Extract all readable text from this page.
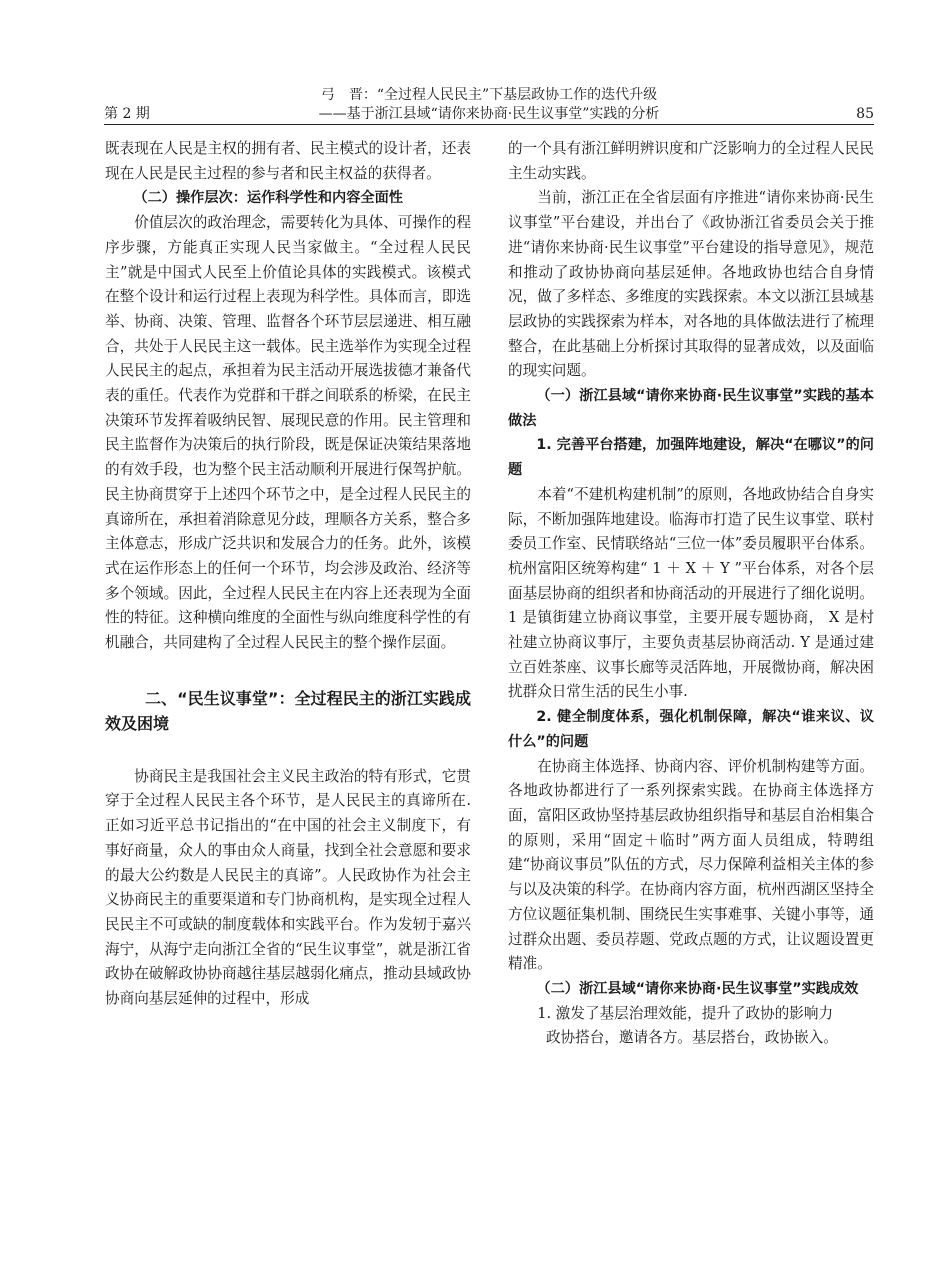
弓　晋：“全过程人民民主”下基层政协工作的迭代升级
第 2 期	——基于浙江县域“请你来协商·民生议事堂”实践的分析	85

既表现在人民是主权的拥有者、民主模式的设计者，还表现在人民是民主过程的参与者和民主权益的获得者。

（二）操作层次：运作科学性和内容全面性

价值层次的政治理念，需要转化为具体、可操作的程序步骤，方能真正实现人民当家做主。“全过程人民民主”就是中国式人民至上价值论具体的实践模式。该模式在整个设计和运行过程上表现为科学性。具体而言，即选举、协商、决策、管理、监督各个环节层层递进、相互融合，共处于人民民主这一载体。民主选举作为实现全过程人民民主的起点，承担着为民主活动开展选拔德才兼备代表的重任。代表作为党群和干群之间联系的桥梁，在民主决策环节发挥着吸纳民智、展现民意的作用。民主管理和民主监督作为决策后的执行阶段，既是保证决策结果落地的有效手段，也为整个民主活动顺利开展进行保驾护航。民主协商贯穿于上述四个环节之中，是全过程人民民主的真谛所在，承担着消除意见分歧，理顺各方关系，整合多主体意志，形成广泛共识和发展合力的任务。此外，该模式在运作形态上的任何一个环节，均会涉及政治、经济等多个领域。因此，全过程人民民主在内容上还表现为全面性的特征。这种横向维度的全面性与纵向维度科学性的有机融合，共同建构了全过程人民民主的整个操作层面。

二、“民生议事堂”：全过程民主的浙江实践成效及困境

协商民主是我国社会主义民主政治的特有形式，它贯穿于全过程人民民主各个环节，是人民民主的真谛所在. 正如习近平总书记指出的“在中国的社会主义制度下，有事好商量，众人的事由众人商量，找到全社会意愿和要求的最大公约数是人民民主的真谛”。人民政协作为社会主义协商民主的重要渠道和专门协商机构，是实现全过程人民民主不可或缺的制度载体和实践平台。作为发轫于嘉兴海宁，从海宁走向浙江全省的“民生议事堂”，就是浙江省政协在破解政协协商越往基层越弱化痛点，推动县域政协协商向基层延伸的过程中，形成

的一个具有浙江鲜明辨识度和广泛影响力的全过程人民民主生动实践。

当前，浙江正在全省层面有序推进“请你来协商·民生议事堂”平台建设，并出台了《政协浙江省委员会关于推进“请你来协商·民生议事堂”平台建设的指导意见》，规范和推动了政协协商向基层延伸。各地政协也结合自身情况，做了多样态、多维度的实践探索。本文以浙江县域基层政协的实践探索为样本，对各地的具体做法进行了梳理整合，在此基础上分析探讨其取得的显著成效，以及面临的现实问题。

（一）浙江县域“请你来协商·民生议事堂”实践的基本做法

1. 完善平台搭建，加强阵地建设，解决“在哪议”的问题

本着“不建机构建机制”的原则，各地政协结合自身实际，不断加强阵地建设。临海市打造了民生议事堂、联村委员工作室、民情联络站“三位一体”委员履职平台体系。杭州富阳区统筹构建“ 1 ＋ X ＋ Y ”平台体系，对各个层面基层协商的组织者和协商活动的开展进行了细化说明。 1 是镇街建立协商议事堂，主要开展专题协商， X 是村社建立协商议事厅，主要负责基层协商活动. Y 是通过建立百姓茶座、议事长廊等灵活阵地，开展微协商，解决困扰群众日常生活的民生小事.

2. 健全制度体系，强化机制保障，解决“谁来议、议什么”的问题

在协商主体选择、协商内容、评价机制构建等方面。各地政协都进行了一系列探索实践。在协商主体选择方面，富阳区政协坚持基层政协组织指导和基层自治相集合的原则，采用“固定＋临时”两方面人员组成，特聘组建“协商议事员”队伍的方式，尽力保障利益相关主体的参与以及决策的科学。在协商内容方面，杭州西湖区坚持全方位议题征集机制、围绕民生实事难事、关键小事等，通过群众出题、委员荐题、党政点题的方式，让议题设置更精准。

（二）浙江县域“请你来协商·民生议事堂”实践成效

1. 激发了基层治理效能，提升了政协的影响力

政协搭台，邀请各方。基层搭台，政协嵌入。
